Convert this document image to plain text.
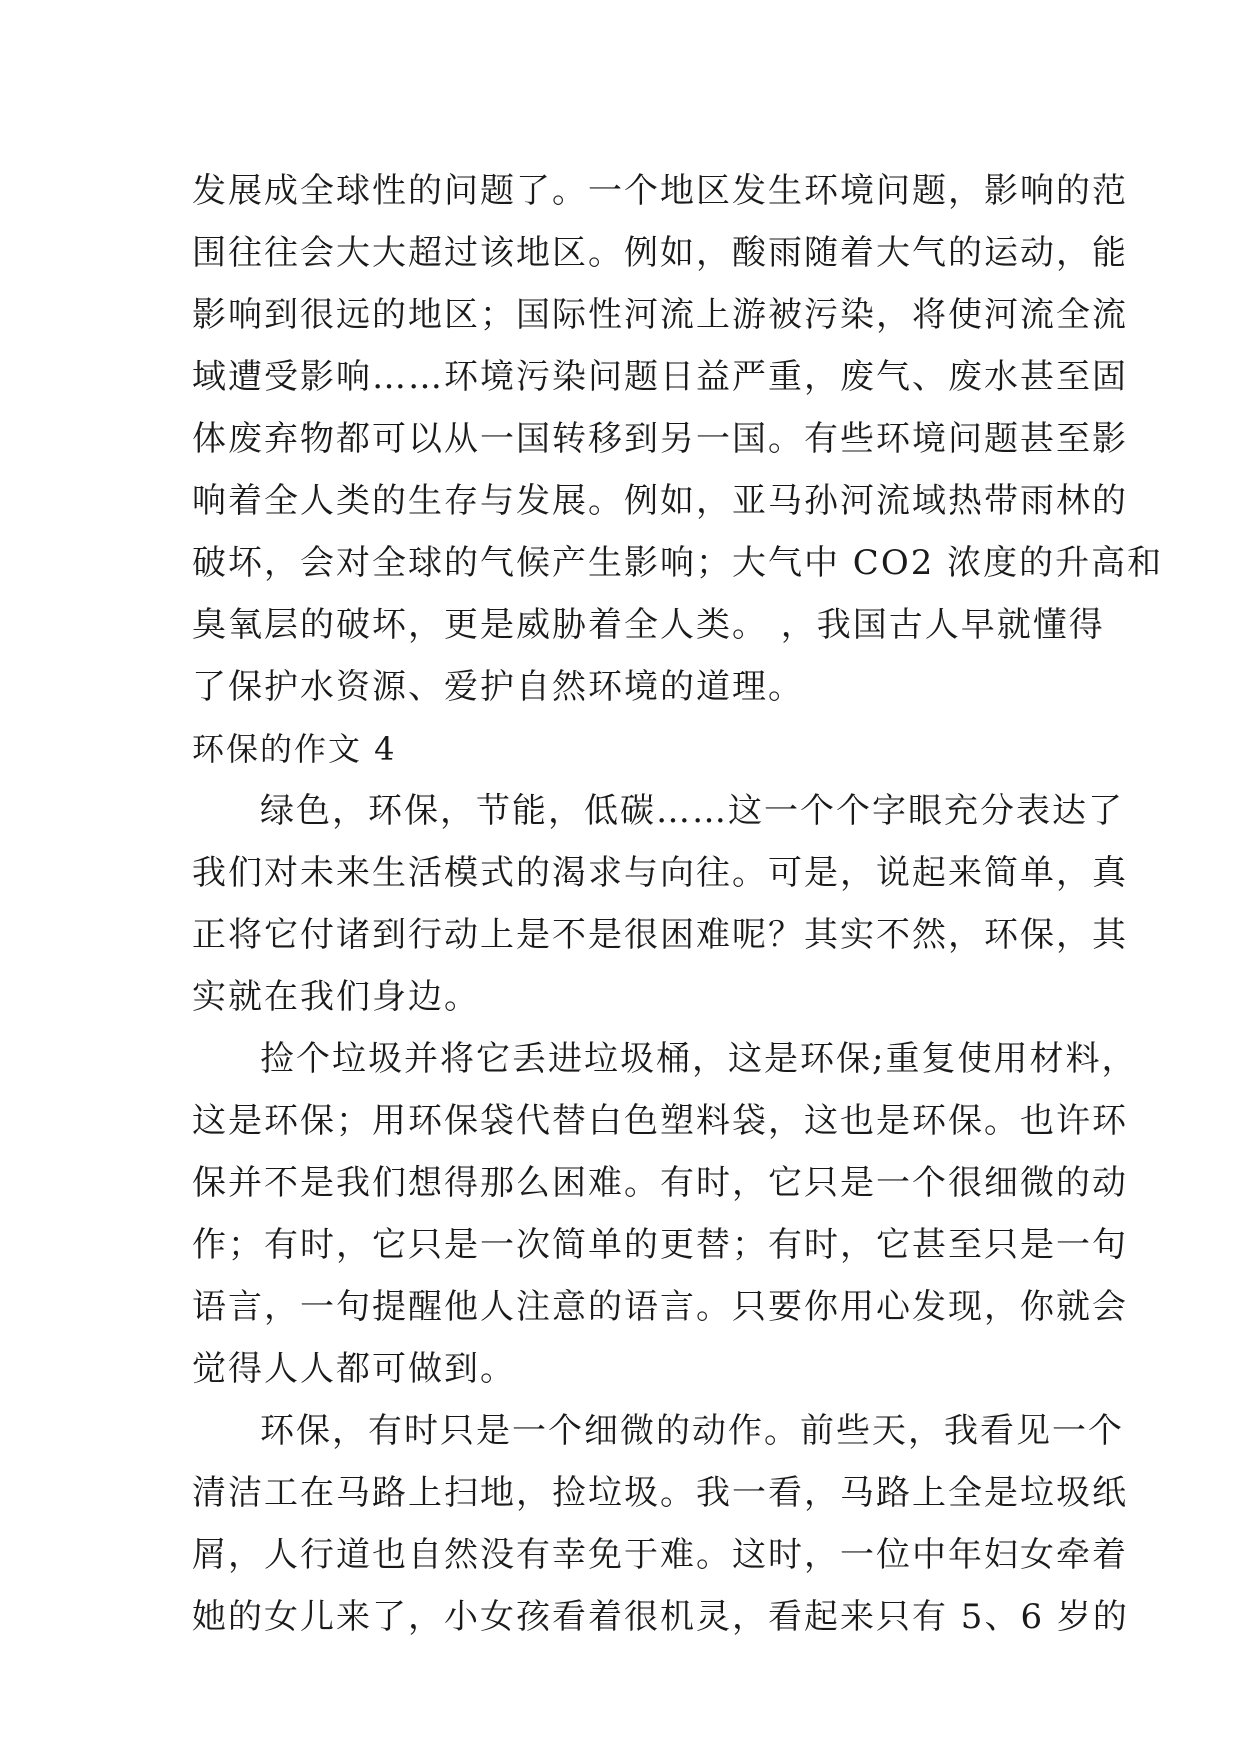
发展成全球性的问题了。一个地区发生环境问题，影响的范
围往往会大大超过该地区。例如，酸雨随着大气的运动，能
影响到很远的地区；国际性河流上游被污染，将使河流全流
域遭受影响……环境污染问题日益严重，废气、废水甚至固
体废弃物都可以从一国转移到另一国。有些环境问题甚至影
响着全人类的生存与发展。例如，亚马孙河流域热带雨林的
破坏，会对全球的气候产生影响；大气中 CO2 浓度的升高和
臭氧层的破坏，更是威胁着全人类。 ，我国古人早就懂得
了保护水资源、爱护自然环境的道理。
环保的作文 4
绿色，环保，节能，低碳……这一个个字眼充分表达了
我们对未来生活模式的渴求与向往。可是，说起来简单，真
正将它付诸到行动上是不是很困难呢？其实不然，环保，其
实就在我们身边。
捡个垃圾并将它丢进垃圾桶，这是环保;重复使用材料，
这是环保；用环保袋代替白色塑料袋，这也是环保。也许环
保并不是我们想得那么困难。有时，它只是一个很细微的动
作；有时，它只是一次简单的更替；有时，它甚至只是一句
语言，一句提醒他人注意的语言。只要你用心发现，你就会
觉得人人都可做到。
环保，有时只是一个细微的动作。前些天，我看见一个
清洁工在马路上扫地，捡垃圾。我一看，马路上全是垃圾纸
屑，人行道也自然没有幸免于难。这时，一位中年妇女牵着
她的女儿来了，小女孩看着很机灵，看起来只有 5、6 岁的
